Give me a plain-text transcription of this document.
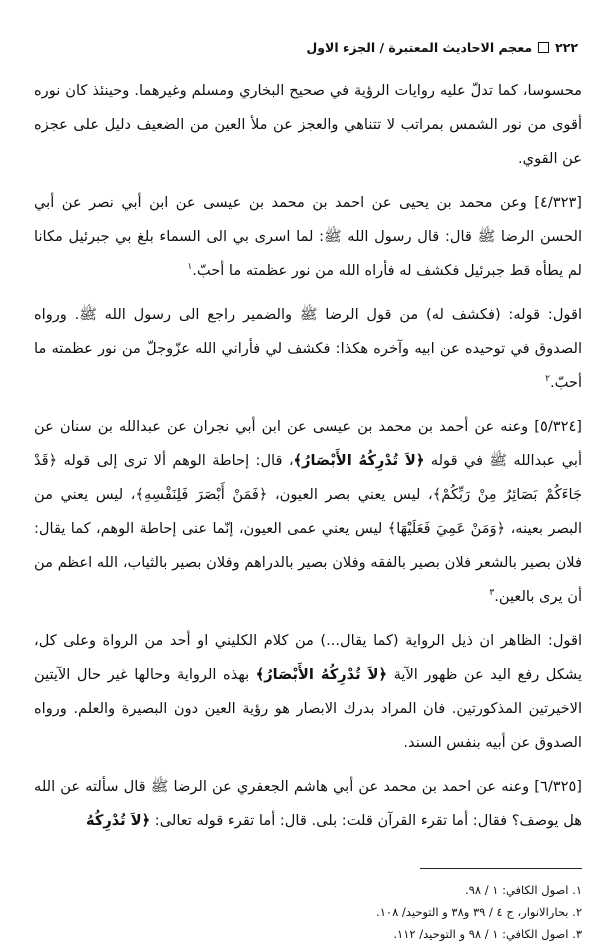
٢٢٢
معجم الاحاديث المعتبرة / الجزء الاول

محسوسا، كما تدلّ عليه روايات الرؤية في صحيح البخاري ومسلم وغيرهما. وحينئذ كان نوره أقوى من نور الشمس بمراتب لا تتناهي والعجز عن ملأ العين من الضعيف دليل على عجزه عن القوي.

[٤/٣٢٣] وعن محمد بن يحيى عن احمد بن محمد بن عيسى عن ابن أبي نصر عن أبي الحسن الرضا ﷺ قال: قال رسول الله ﷺ: لما اسرى بي الى السماء بلغ بي جبرئيل مكانا لم يطأه قط جبرئيل فكشف له فأراه الله من نور عظمته ما أحبّ.$^١$

اقول: قوله: (فكشف له) من قول الرضا ﷺ والضمير راجع الى رسول الله ﷺ. ورواه الصدوق في توحيده عن ابيه وآخره هكذا: فكشف لي فأراني الله عزّوجلّ من نور عظمته ما أحبّ.$^٢$

[٥/٣٢٤] وعنه عن أحمد بن محمد بن عيسى عن ابن أبي نجران عن عبدالله بن سنان عن أبي عبدالله ﷺ في قوله ﴿لاَ تُدْرِكُهُ الأَبْصَارُ﴾، قال: إحاطة الوهم ألا ترى إلى قوله ﴿قَدْ جَاءَكُمْ بَصَائِرُ مِنْ رَبِّكُمْ﴾، ليس يعني بصر العيون، ﴿فَمَنْ أَبْصَرَ فَلِنَفْسِهِ﴾، ليس يعني من البصر بعينه، ﴿وَمَنْ عَمِيَ فَعَلَيْهَا﴾ ليس يعني عمى العيون، إنّما عنى إحاطة الوهم، كما يقال: فلان بصير بالشعر فلان بصير بالفقه وفلان بصير بالدراهم وفلان بصير بالثياب، الله اعظم من أن يرى بالعين.$^٣$

اقول: الظاهر ان ذيل الرواية (كما يقال...) من كلام الكليني او أحد من الرواة وعلى كل، يشكل رفع اليد عن ظهور الآية ﴿لاَ تُدْرِكُهُ الأَبْصَارُ﴾ بهذه الرواية وحالها غير حال الآيتين الاخيرتين المذكورتين. فان المراد بدرك الابصار هو رؤية العين دون البصيرة والعلم. ورواه الصدوق عن أبيه بنفس السند.

[٦/٣٢٥] وعنه عن احمد بن محمد عن أبي هاشم الجعفري عن الرضا ﷺ قال سألته عن الله هل يوصف؟ فقال: أما تقرء القرآن قلت: بلى. قال: أما تقرء قوله تعالى: ﴿لاَ تُدْرِكُهُ

١. اصول الكافي: ١ / ٩٨.
٢. بحارالانوار، ج ٤ / ٣٩ و٣٨ و التوحيد/ ١٠٨.
٣. اصول الكافي: ١ / ٩٨ و التوحيد/ ١١٢.
